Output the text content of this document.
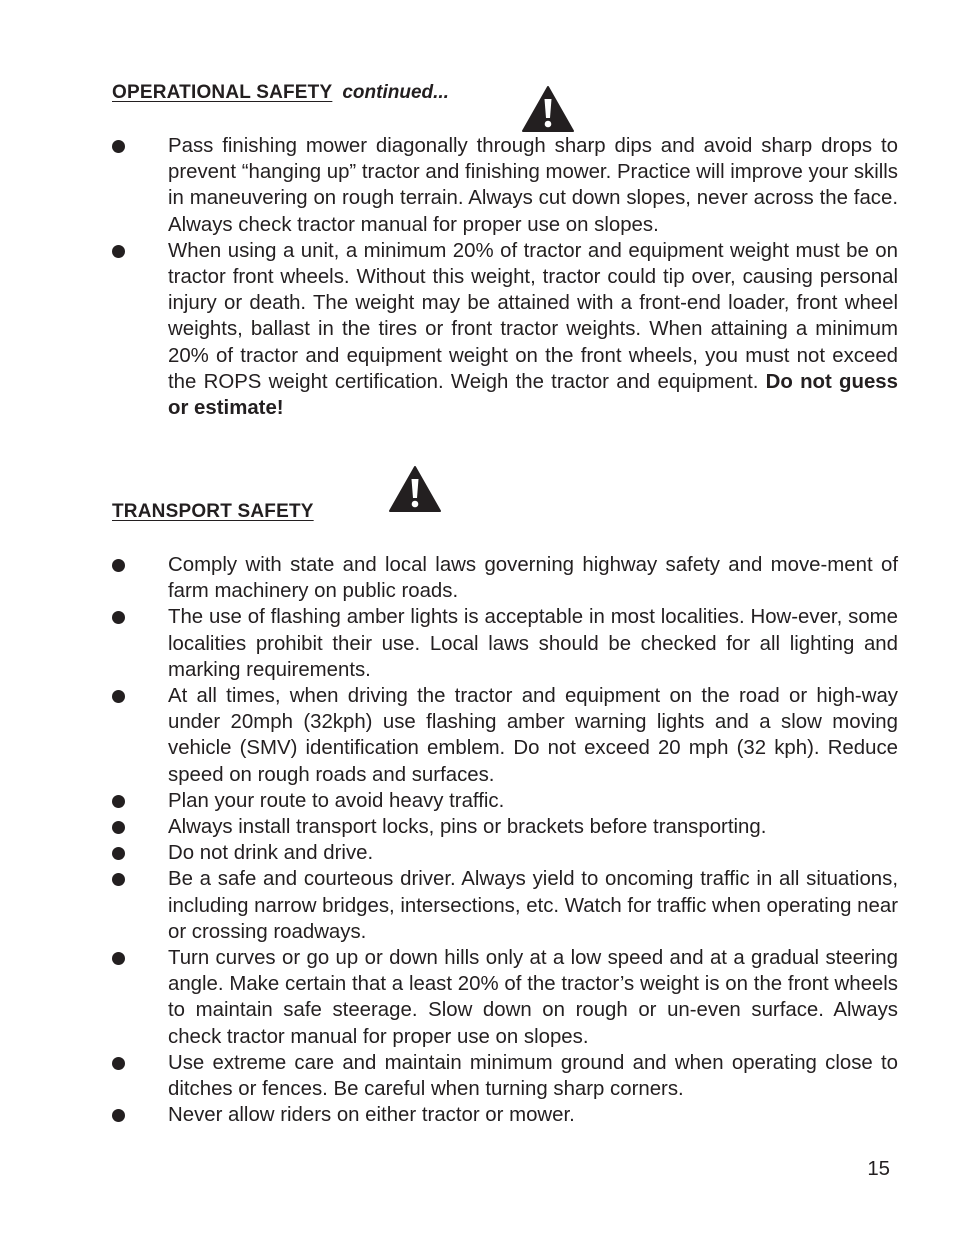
OPERATIONAL SAFETY continued...
Pass finishing mower diagonally through sharp dips and avoid sharp drops to prevent “hanging up” tractor and finishing mower. Practice will improve your skills in maneuvering on rough terrain. Always cut down slopes, never across the face. Always check tractor manual for proper use on slopes.
When using a unit, a minimum 20% of tractor and equipment weight must be on tractor front wheels. Without this weight, tractor could tip over, causing personal injury or death. The weight may be attained with a front-end loader, front wheel weights, ballast in the tires or front tractor weights. When attaining a minimum 20% of tractor and equipment weight on the front wheels, you must not exceed the ROPS weight certification. Weigh the tractor and equipment. Do not guess or estimate!
TRANSPORT SAFETY
Comply with state and local laws governing highway safety and move-ment of farm machinery on public roads.
The use of flashing amber lights is acceptable in most localities. How-ever, some localities prohibit their use. Local laws should be checked for all lighting and marking requirements.
At all times, when driving the tractor and equipment on the road or high-way under 20mph (32kph) use flashing amber warning lights and a slow moving vehicle (SMV) identification emblem. Do not exceed 20 mph (32 kph). Reduce speed on rough roads and surfaces.
Plan your route to avoid heavy traffic.
Always install transport locks, pins or brackets before transporting.
Do not drink and drive.
Be a safe and courteous driver. Always yield to oncoming traffic in all situations, including narrow bridges, intersections, etc. Watch for traffic when operating near or crossing roadways.
Turn curves or go up or down hills only at a low speed and at a gradual steering angle. Make certain that a least 20% of the tractor’s weight is on the front wheels to maintain safe steerage. Slow down on rough or un-even surface. Always check tractor manual for proper use on slopes.
Use extreme care and maintain minimum ground and when operating close to ditches or fences. Be careful when turning sharp corners.
Never allow riders on either tractor or mower.
15
